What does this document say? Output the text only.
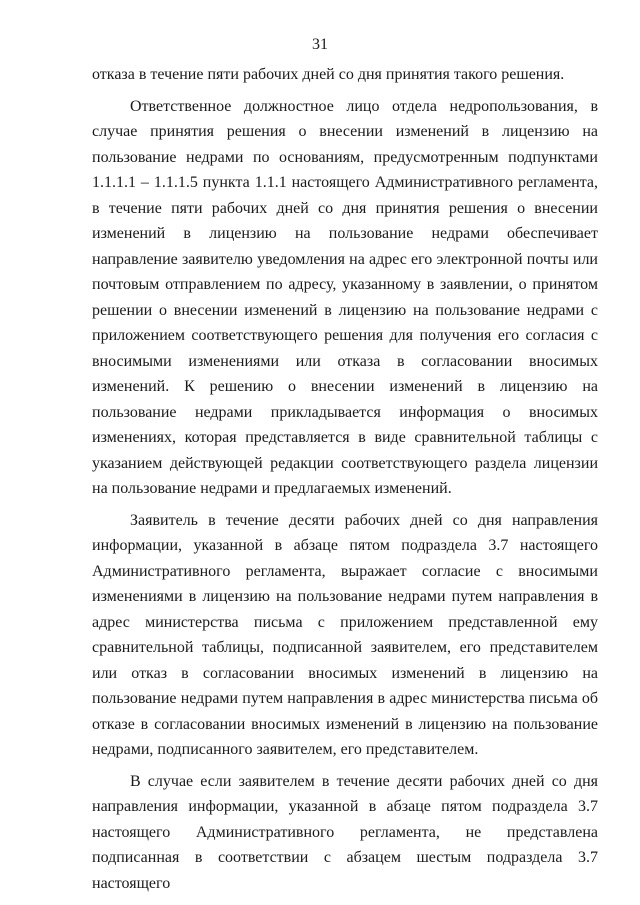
31

отказа в течение пяти рабочих дней со дня принятия такого решения.

Ответственное должностное лицо отдела недропользования, в случае принятия решения о внесении изменений в лицензию на пользование недрами по основаниям, предусмотренным подпунктами 1.1.1.1 – 1.1.1.5 пункта 1.1.1 настоящего Административного регламента, в течение пяти рабочих дней со дня принятия решения о внесении изменений в лицензию на пользование недрами обеспечивает направление заявителю уведомления на адрес его электронной почты или почтовым отправлением по адресу, указанному в заявлении, о принятом решении о внесении изменений в лицензию на пользование недрами с приложением соответствующего решения для получения его согласия с вносимыми изменениями или отказа в согласовании вносимых изменений. К решению о внесении изменений в лицензию на пользование недрами прикладывается информация о вносимых изменениях, которая представляется в виде сравнительной таблицы с указанием действующей редакции соответствующего раздела лицензии на пользование недрами и предлагаемых изменений.

Заявитель в течение десяти рабочих дней со дня направления информации, указанной в абзаце пятом подраздела 3.7 настоящего Административного регламента, выражает согласие с вносимыми изменениями в лицензию на пользование недрами путем направления в адрес министерства письма с приложением представленной ему сравнительной таблицы, подписанной заявителем, его представителем или отказ в согласовании вносимых изменений в лицензию на пользование недрами путем направления в адрес министерства письма об отказе в согласовании вносимых изменений в лицензию на пользование недрами, подписанного заявителем, его представителем.

В случае если заявителем в течение десяти рабочих дней со дня направления информации, указанной в абзаце пятом подраздела 3.7 настоящего Административного регламента, не представлена подписанная в соответствии с абзацем шестым подраздела 3.7 настоящего
